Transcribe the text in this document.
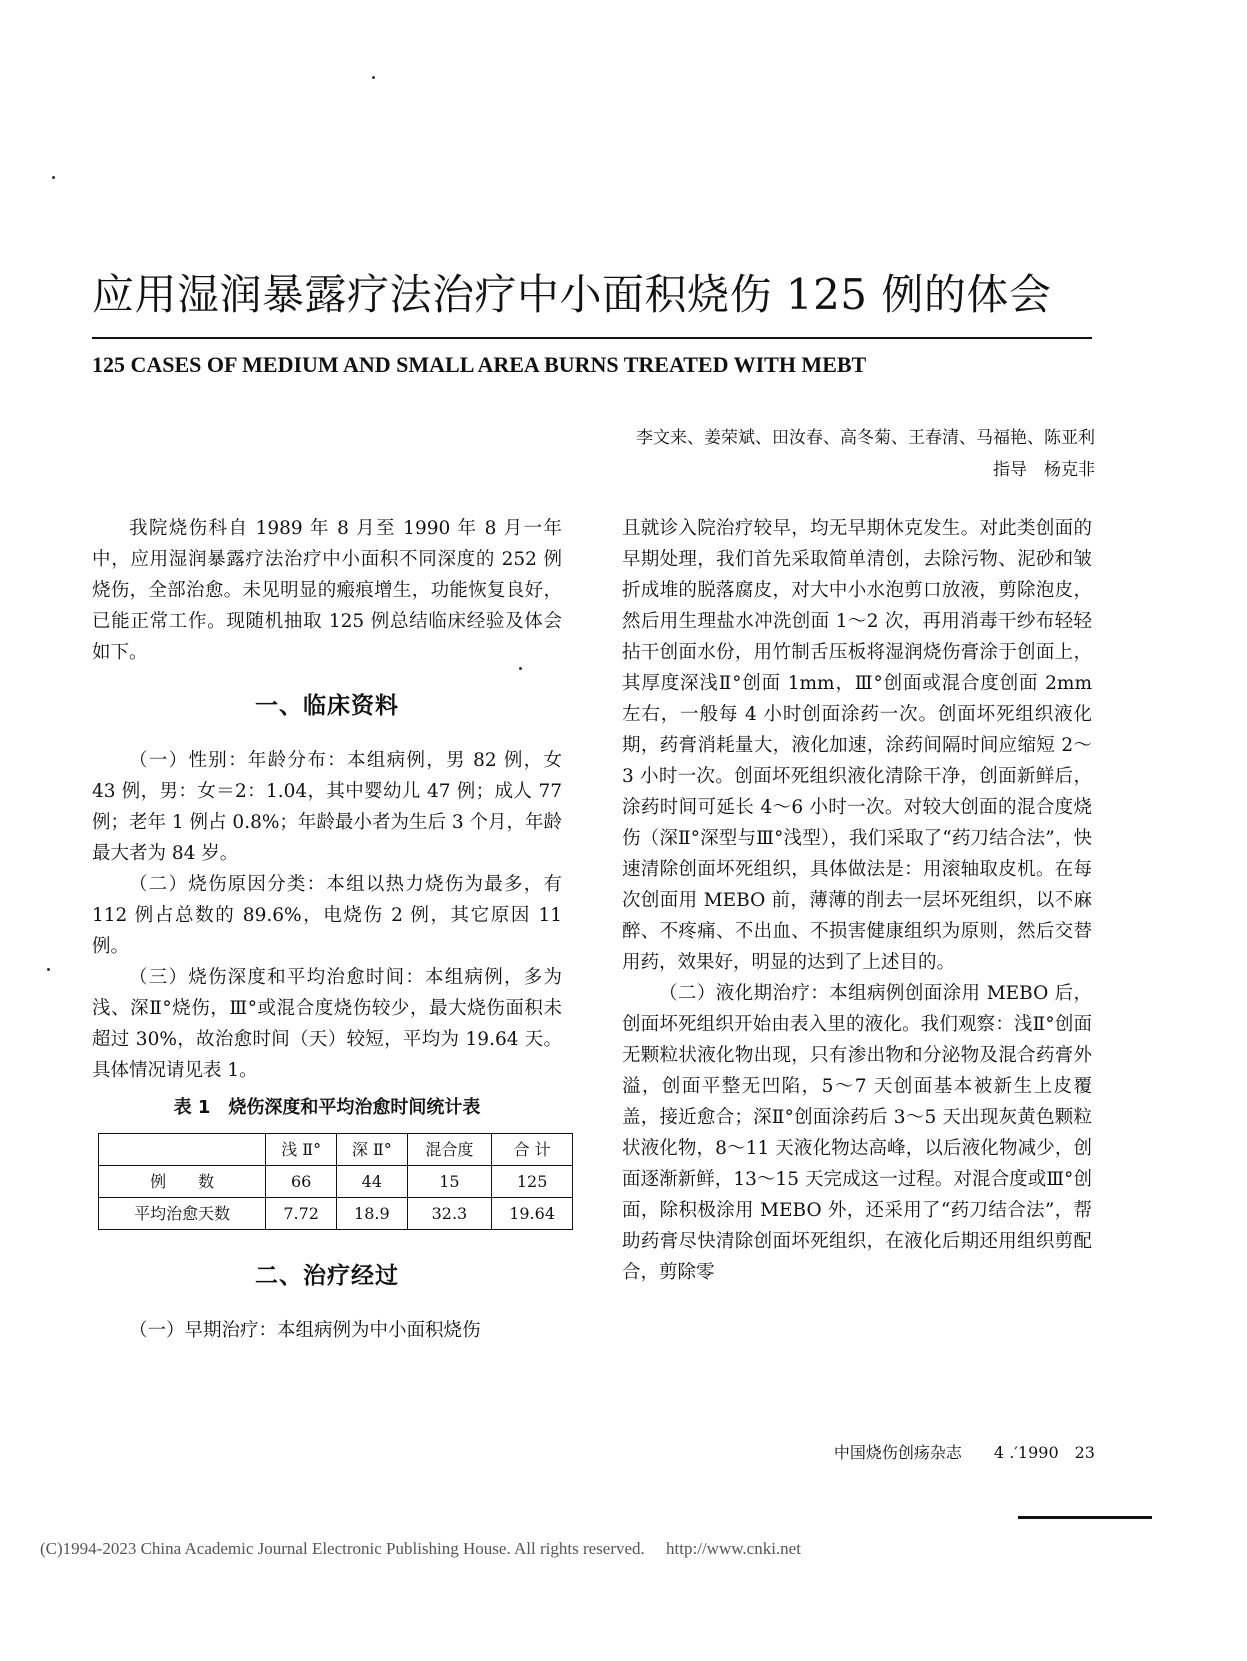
应用湿润暴露疗法治疗中小面积烧伤 125 例的体会
125 CASES OF MEDIUM AND SMALL AREA BURNS TREATED WITH MEBT
李文来、姜荣斌、田汝春、高冬菊、王春清、马福艳、陈亚利
指导　杨克非

我院烧伤科自 1989 年 8 月至 1990 年 8 月一年中，应用湿润暴露疗法治疗中小面积不同深度的 252 例烧伤，全部治愈。未见明显的瘢痕增生，功能恢复良好，已能正常工作。现随机抽取 125 例总结临床经验及体会如下。

一、临床资料

（一）性别：年龄分布：本组病例，男 82 例，女 43 例，男：女＝2：1.04，其中婴幼儿 47 例；成人 77 例；老年 1 例占 0.8%；年龄最小者为生后 3 个月，年龄最大者为 84 岁。

（二）烧伤原因分类：本组以热力烧伤为最多，有 112 例占总数的 89.6%，电烧伤 2 例，其它原因 11 例。

（三）烧伤深度和平均治愈时间：本组病例，多为浅、深Ⅱ°烧伤，Ⅲ°或混合度烧伤较少，最大烧伤面积未超过 30%，故治愈时间（天）较短，平均为 19.64 天。具体情况请见表 1。

表 1　烧伤深度和平均治愈时间统计表

	浅 Ⅱ°	深 Ⅱ°	混合度	合 计
例　　数	66	44	15	125
平均治愈天数	7.72	18.9	32.3	19.64

二、治疗经过

（一）早期治疗：本组病例为中小面积烧伤

且就诊入院治疗较早，均无早期休克发生。对此类创面的早期处理，我们首先采取简单清创，去除污物、泥砂和皱折成堆的脱落腐皮，对大中小水泡剪口放液，剪除泡皮，然后用生理盐水冲洗创面 1～2 次，再用消毒干纱布轻轻拈干创面水份，用竹制舌压板将湿润烧伤膏涂于创面上，其厚度深浅Ⅱ°创面 1mm，Ⅲ°创面或混合度创面 2mm 左右，一般每 4 小时创面涂药一次。创面坏死组织液化期，药膏消耗量大，液化加速，涂药间隔时间应缩短 2～3 小时一次。创面坏死组织液化清除干净，创面新鲜后，涂药时间可延长 4～6 小时一次。对较大创面的混合度烧伤（深Ⅱ°深型与Ⅲ°浅型），我们采取了“药刀结合法”，快速清除创面坏死组织，具体做法是：用滚轴取皮机。在每次创面用 MEBO 前，薄薄的削去一层坏死组织，以不麻醉、不疼痛、不出血、不损害健康组织为原则，然后交替用药，效果好，明显的达到了上述目的。

（二）液化期治疗：本组病例创面涂用 MEBO 后，创面坏死组织开始由表入里的液化。我们观察：浅Ⅱ°创面无颗粒状液化物出现，只有渗出物和分泌物及混合药膏外溢，创面平整无凹陷，5～7 天创面基本被新生上皮覆盖，接近愈合；深Ⅱ°创面涂药后 3～5 天出现灰黄色颗粒状液化物，8～11 天液化物达高峰，以后液化物减少，创面逐渐新鲜，13～15 天完成这一过程。对混合度或Ⅲ°创面，除积极涂用 MEBO 外，还采用了“药刀结合法”，帮助药膏尽快清除创面坏死组织，在液化后期还用组织剪配合，剪除零

中国烧伤创疡杂志　　4 .′1990　23
(C)1994-2023 China Academic Journal Electronic Publishing House. All rights reserved.　 http://www.cnki.net
